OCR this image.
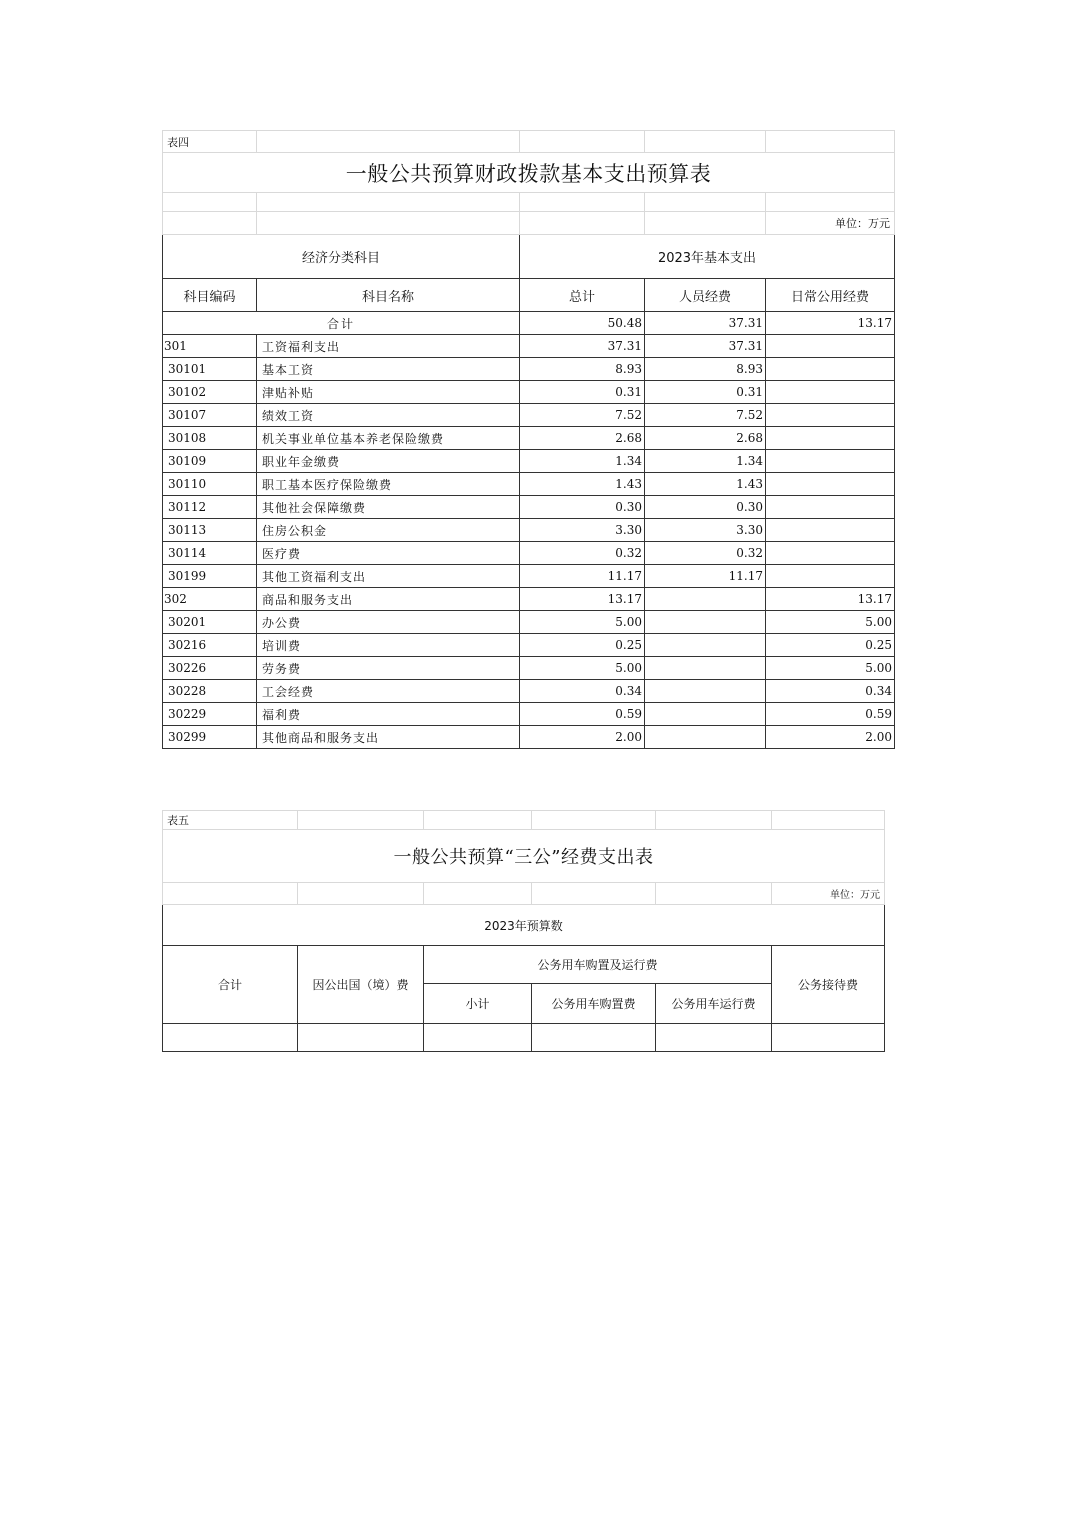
表四				
一般公共预算财政拨款基本支出预算表				

				单位：万元
经济分类科目		2023年基本支出		
科目编码	科目名称	总计	人员经费	日常公用经费
合计		50.48	37.31	13.17
301	工资福利支出	37.31	37.31	
30101	基本工资	8.93	8.93	
30102	津贴补贴	0.31	0.31	
30107	绩效工资	7.52	7.52	
30108	机关事业单位基本养老保险缴费	2.68	2.68	
30109	职业年金缴费	1.34	1.34	
30110	职工基本医疗保险缴费	1.43	1.43	
30112	其他社会保障缴费	0.30	0.30	
30113	住房公积金	3.30	3.30	
30114	医疗费	0.32	0.32	
30199	其他工资福利支出	11.17	11.17	
302	商品和服务支出	13.17		13.17
30201	办公费	5.00		5.00
30216	培训费	0.25		0.25
30226	劳务费	5.00		5.00
30228	工会经费	0.34		0.34
30229	福利费	0.59		0.59
30299	其他商品和服务支出	2.00		2.00
表五					
一般公共预算“三公”经费支出表					
					单位：万元
2023年预算数					
合计	因公出国（境）费	公务用车购置及运行费			公务接待费
		小计	公务用车购置费	公务用车运行费	
